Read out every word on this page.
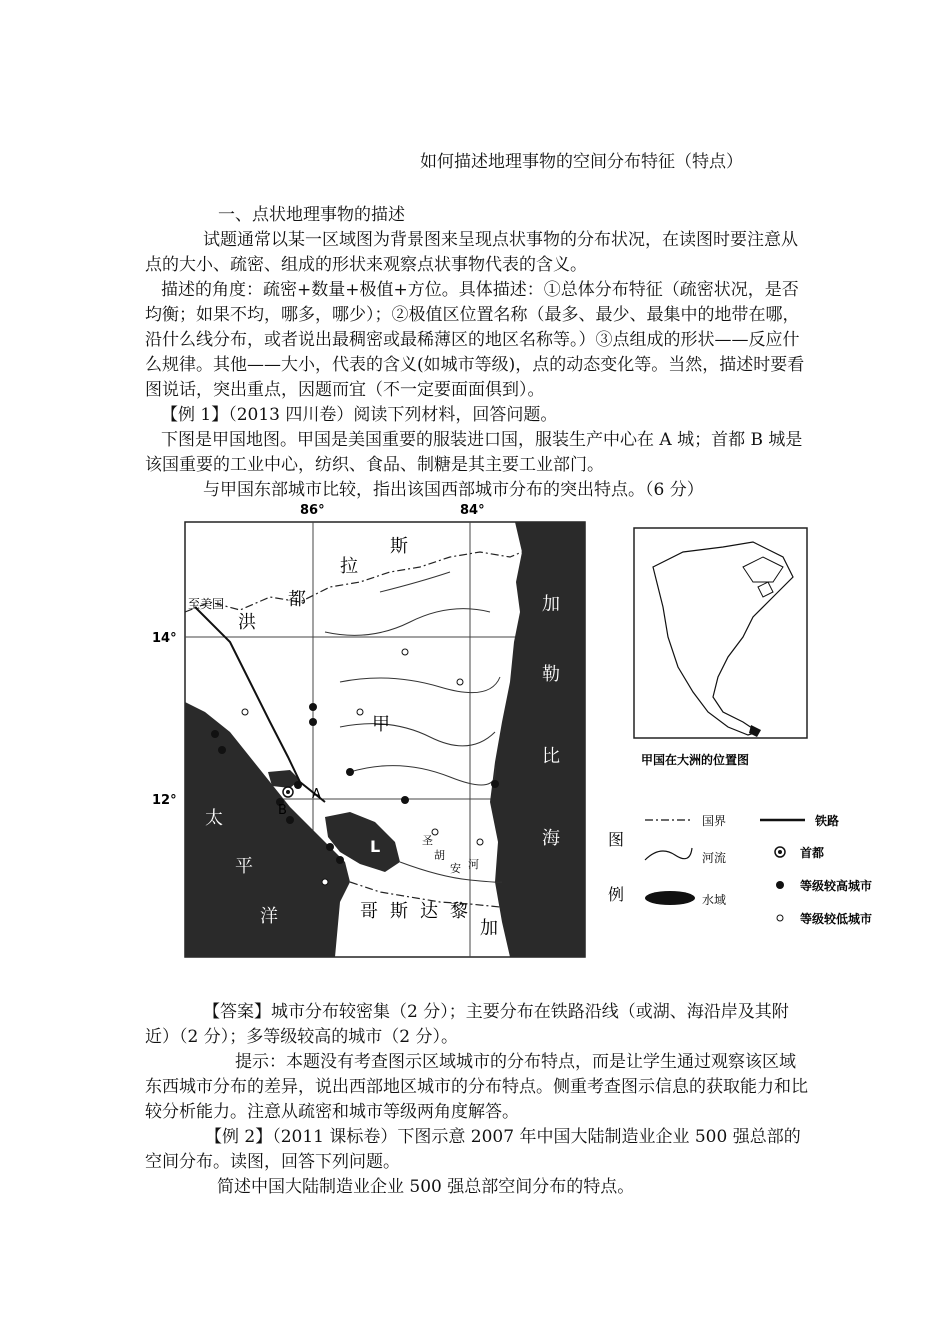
如何描述地理事物的空间分布特征（特点）
一、点状地理事物的描述
试题通常以某一区域图为背景图来呈现点状事物的分布状况，在读图时要注意从点的大小、疏密、组成的形状来观察点状事物代表的含义。
描述的角度：疏密+数量+极值+方位。具体描述：①总体分布特征（疏密状况，是否均衡；如果不均，哪多，哪少）；②极值区位置名称（最多、最少、最集中的地带在哪，沿什么线分布，或者说出最稠密或最稀薄区的地区名称等。）③点组成的形状——反应什么规律。其他——大小，代表的含义(如城市等级)，点的动态变化等。当然，描述时要看图说话，突出重点，因题而宜（不一定要面面俱到）。
【例 1】（2013 四川卷）阅读下列材料，回答问题。
下图是甲国地图。甲国是美国重要的服装进口国，服装生产中心在 A 城；首都 B 城是该国重要的工业中心，纺织、食品、制糖是其主要工业部门。
与甲国东部城市比较，指出该国西部城市分布的突出特点。（6 分）
86°	84°
14°
12°
至美国
洪
都
拉
斯
加
勒
比
海
太
平
洋	哥 斯 达 黎
加
甲
A
B
L	圣
胡
安 河
甲国在大洲的位置图
图
例
国界	铁路
河流	首都
水域
等级较高城市
等级较低城市
【答案】城市分布较密集（2 分）；主要分布在铁路沿线（或湖、海沿岸及其附近）（2 分）；多等级较高的城市（2 分）。
提示：本题没有考查图示区域城市的分布特点，而是让学生通过观察该区域东西城市分布的差异，说出西部地区城市的分布特点。侧重考查图示信息的获取能力和比较分析能力。注意从疏密和城市等级两角度解答。
【例 2】（2011 课标卷）下图示意 2007 年中国大陆制造业企业 500 强总部的空间分布。读图，回答下列问题。
简述中国大陆制造业企业 500 强总部空间分布的特点。
